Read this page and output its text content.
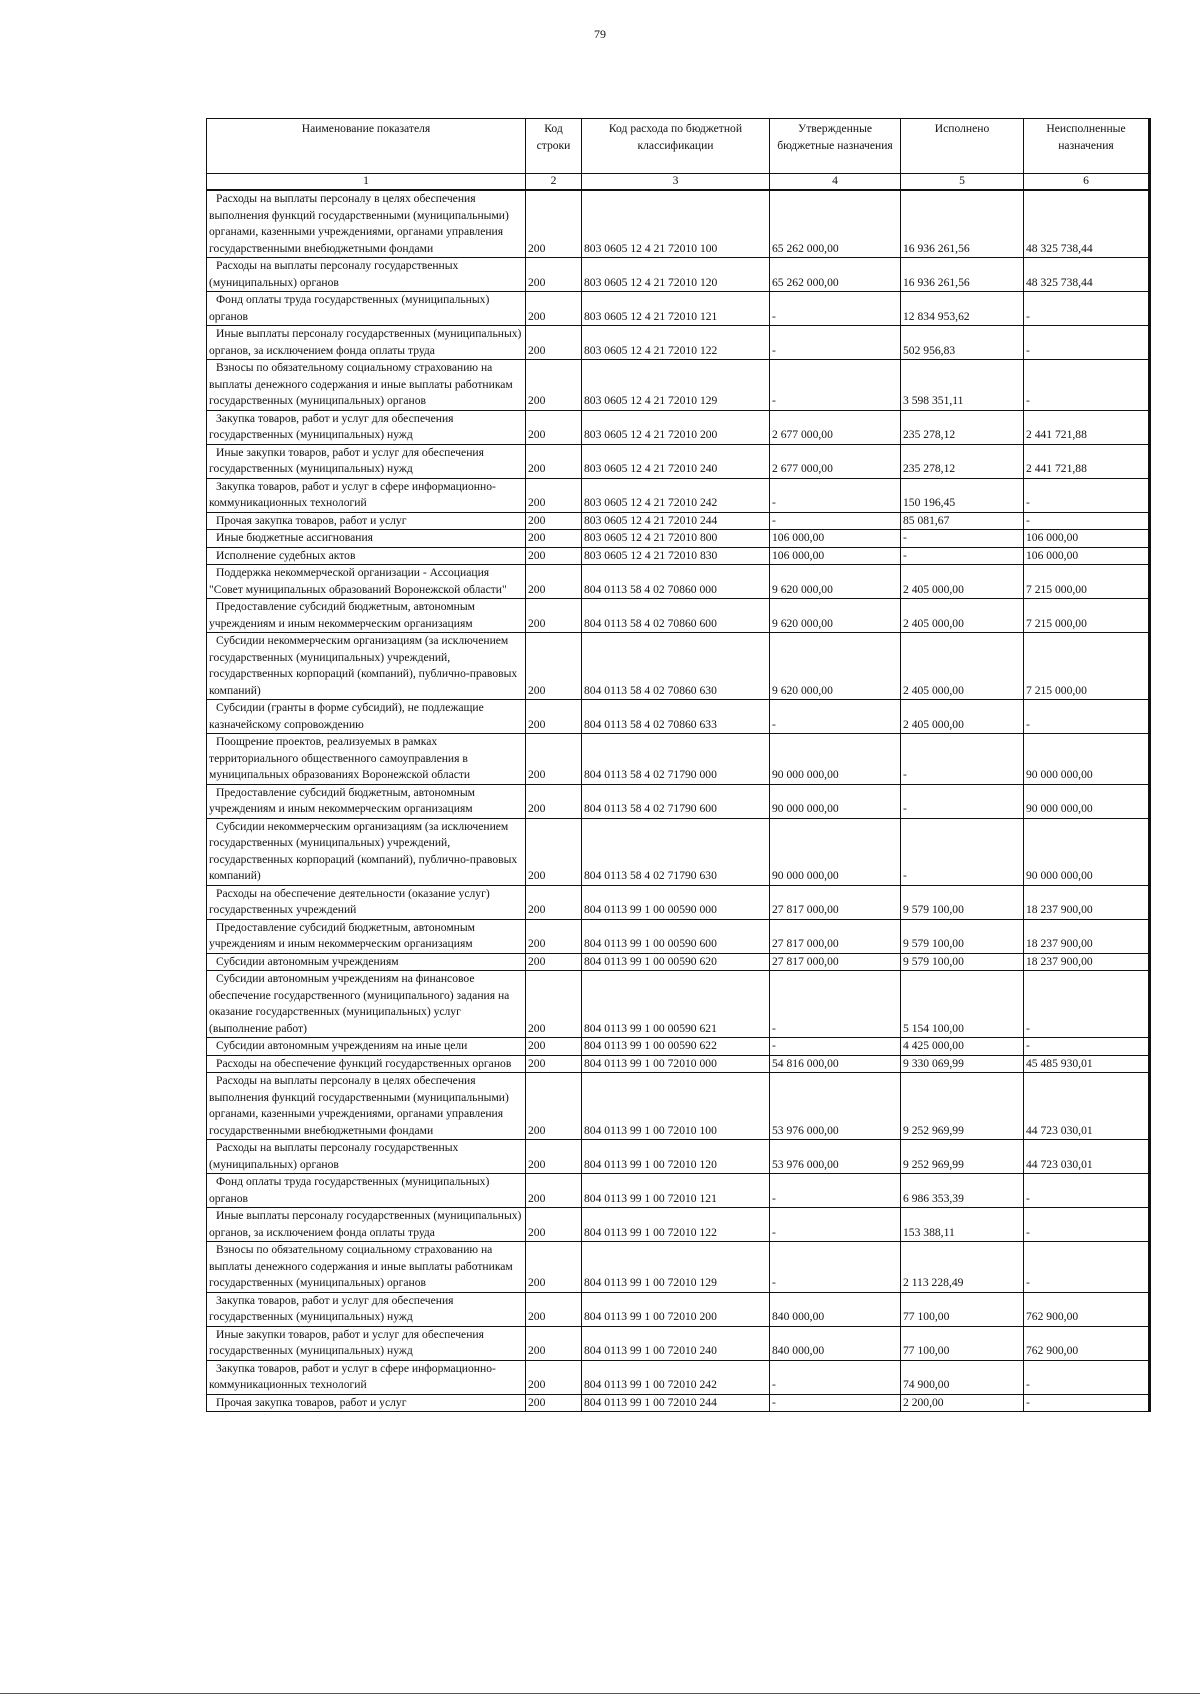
79
Наименование показателя	Код строки	Код расхода по бюджетной классификации	Утвержденные бюджетные назначения	Исполнено	Неисполненные назначения
1	2	3	4	5	6

Расходы на выплаты персоналу в целях обеспечения выполнения функций государственными (муниципальными) органами, казенными учреждениями, органами управления государственными внебюджетными фондами	200	803 0605 12 4 21 72010 100	65 262 000,00	16 936 261,56	48 325 738,44

Расходы на выплаты персоналу государственных (муниципальных) органов	200	803 0605 12 4 21 72010 120	65 262 000,00	16 936 261,56	48 325 738,44

Фонд оплаты труда государственных (муниципальных) органов	200	803 0605 12 4 21 72010 121	-	12 834 953,62	-

Иные выплаты персоналу государственных (муниципальных) органов, за исключением фонда оплаты труда	200	803 0605 12 4 21 72010 122	-	502 956,83	-

Взносы по обязательному социальному страхованию на выплаты денежного содержания и иные выплаты работникам государственных (муниципальных) органов	200	803 0605 12 4 21 72010 129	-	3 598 351,11	-

Закупка товаров, работ и услуг для обеспечения государственных (муниципальных) нужд	200	803 0605 12 4 21 72010 200	2 677 000,00	235 278,12	2 441 721,88

Иные закупки товаров, работ и услуг для обеспечения государственных (муниципальных) нужд	200	803 0605 12 4 21 72010 240	2 677 000,00	235 278,12	2 441 721,88

Закупка товаров, работ и услуг в сфере информационно-коммуникационных технологий	200	803 0605 12 4 21 72010 242	-	150 196,45	-

Прочая закупка товаров, работ и услуг	200	803 0605 12 4 21 72010 244	-	85 081,67	-

Иные бюджетные ассигнования	200	803 0605 12 4 21 72010 800	106 000,00	-	106 000,00

Исполнение судебных актов	200	803 0605 12 4 21 72010 830	106 000,00	-	106 000,00

Поддержка некоммерческой организации - Ассоциация "Совет муниципальных образований Воронежской области"	200	804 0113 58 4 02 70860 000	9 620 000,00	2 405 000,00	7 215 000,00

Предоставление субсидий бюджетным, автономным учреждениям и иным некоммерческим организациям	200	804 0113 58 4 02 70860 600	9 620 000,00	2 405 000,00	7 215 000,00

Субсидии некоммерческим организациям (за исключением государственных (муниципальных) учреждений, государственных корпораций (компаний), публично-правовых компаний)	200	804 0113 58 4 02 70860 630	9 620 000,00	2 405 000,00	7 215 000,00

Субсидии (гранты в форме субсидий), не подлежащие казначейскому сопровождению	200	804 0113 58 4 02 70860 633	-	2 405 000,00	-

Поощрение проектов, реализуемых в рамках территориального общественного самоуправления в муниципальных образованиях Воронежской области	200	804 0113 58 4 02 71790 000	90 000 000,00	-	90 000 000,00

Предоставление субсидий бюджетным, автономным учреждениям и иным некоммерческим организациям	200	804 0113 58 4 02 71790 600	90 000 000,00	-	90 000 000,00

Субсидии некоммерческим организациям (за исключением государственных (муниципальных) учреждений, государственных корпораций (компаний), публично-правовых компаний)	200	804 0113 58 4 02 71790 630	90 000 000,00	-	90 000 000,00

Расходы на обеспечение деятельности (оказание услуг) государственных учреждений	200	804 0113 99 1 00 00590 000	27 817 000,00	9 579 100,00	18 237 900,00

Предоставление субсидий бюджетным, автономным учреждениям и иным некоммерческим организациям	200	804 0113 99 1 00 00590 600	27 817 000,00	9 579 100,00	18 237 900,00

Субсидии автономным учреждениям	200	804 0113 99 1 00 00590 620	27 817 000,00	9 579 100,00	18 237 900,00

Субсидии автономным учреждениям на финансовое обеспечение государственного (муниципального) задания на оказание государственных (муниципальных) услуг (выполнение работ)	200	804 0113 99 1 00 00590 621	-	5 154 100,00	-

Субсидии автономным учреждениям на иные цели	200	804 0113 99 1 00 00590 622	-	4 425 000,00	-

Расходы на обеспечение функций государственных органов	200	804 0113 99 1 00 72010 000	54 816 000,00	9 330 069,99	45 485 930,01

Расходы на выплаты персоналу в целях обеспечения выполнения функций государственными (муниципальными) органами, казенными учреждениями, органами управления государственными внебюджетными фондами	200	804 0113 99 1 00 72010 100	53 976 000,00	9 252 969,99	44 723 030,01

Расходы на выплаты персоналу государственных (муниципальных) органов	200	804 0113 99 1 00 72010 120	53 976 000,00	9 252 969,99	44 723 030,01

Фонд оплаты труда государственных (муниципальных) органов	200	804 0113 99 1 00 72010 121	-	6 986 353,39	-

Иные выплаты персоналу государственных (муниципальных) органов, за исключением фонда оплаты труда	200	804 0113 99 1 00 72010 122	-	153 388,11	-

Взносы по обязательному социальному страхованию на выплаты денежного содержания и иные выплаты работникам государственных (муниципальных) органов	200	804 0113 99 1 00 72010 129	-	2 113 228,49	-

Закупка товаров, работ и услуг для обеспечения государственных (муниципальных) нужд	200	804 0113 99 1 00 72010 200	840 000,00	77 100,00	762 900,00

Иные закупки товаров, работ и услуг для обеспечения государственных (муниципальных) нужд	200	804 0113 99 1 00 72010 240	840 000,00	77 100,00	762 900,00

Закупка товаров, работ и услуг в сфере информационно-коммуникационных технологий	200	804 0113 99 1 00 72010 242	-	74 900,00	-

Прочая закупка товаров, работ и услуг	200	804 0113 99 1 00 72010 244	-	2 200,00	-
